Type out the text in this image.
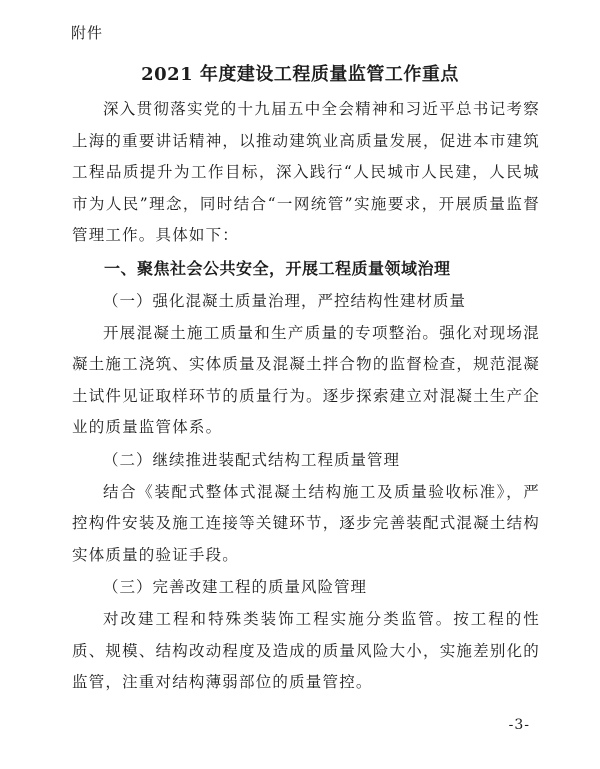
附件
2021 年度建设工程质量监管工作重点

深入贯彻落实党的十九届五中全会精神和习近平总书记考察上海的重要讲话精神，以推动建筑业高质量发展，促进本市建筑工程品质提升为工作目标，深入践行“人民城市人民建，人民城市为人民”理念，同时结合“一网统管”实施要求，开展质量监督管理工作。具体如下：

一、聚焦社会公共安全，开展工程质量领域治理

（一）强化混凝土质量治理，严控结构性建材质量

开展混凝土施工质量和生产质量的专项整治。强化对现场混凝土施工浇筑、实体质量及混凝土拌合物的监督检查，规范混凝土试件见证取样环节的质量行为。逐步探索建立对混凝土生产企业的质量监管体系。

（二）继续推进装配式结构工程质量管理

结合《装配式整体式混凝土结构施工及质量验收标准》，严控构件安装及施工连接等关键环节，逐步完善装配式混凝土结构实体质量的验证手段。

（三）完善改建工程的质量风险管理

对改建工程和特殊类装饰工程实施分类监管。按工程的性质、规模、结构改动程度及造成的质量风险大小，实施差别化的监管，注重对结构薄弱部位的质量管控。

-3-
